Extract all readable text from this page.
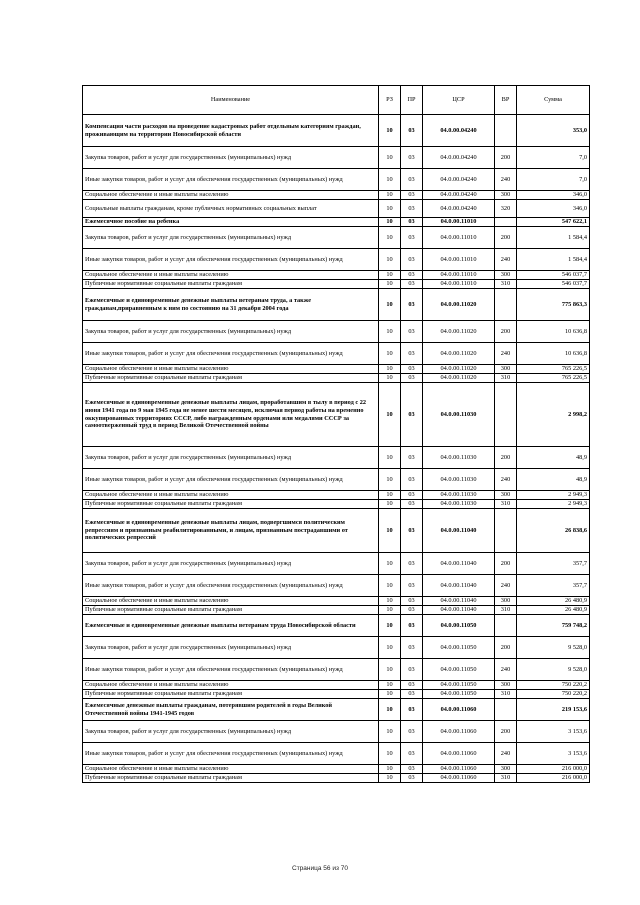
Наименование	РЗ	ПР	ЦСР	ВР	Сумма
Компенсация части расходов на проведение кадастровых работ отдельным категориям граждан, проживающим на территории Новосибирской области	10	03	04.0.00.04240		353,0
Закупка товаров, работ и услуг для государственных (муниципальных) нужд	10	03	04.0.00.04240	200	7,0
Иные закупки товаров, работ и услуг для обеспечения государственных (муниципальных) нужд	10	03	04.0.00.04240	240	7,0
Социальное обеспечение и иные выплаты населению	10	03	04.0.00.04240	300	346,0
Социальные выплаты гражданам, кроме публичных нормативных социальных выплат	10	03	04.0.00.04240	320	346,0
Ежемесячное пособие на ребенка	10	03	04.0.00.11010		547 622,1
Закупка товаров, работ и услуг для государственных (муниципальных) нужд	10	03	04.0.00.11010	200	1 584,4
Иные закупки товаров, работ и услуг для обеспечения государственных (муниципальных) нужд	10	03	04.0.00.11010	240	1 584,4
Социальное обеспечение и иные выплаты населению	10	03	04.0.00.11010	300	546 037,7
Публичные нормативные социальные выплаты гражданам	10	03	04.0.00.11010	310	546 037,7
Ежемесячные и единовременные денежные выплаты ветеранам труда, а также гражданам,приравненным к ним по состоянию на 31 декабря 2004 года	10	03	04.0.00.11020		775 863,3
Закупка товаров, работ и услуг для государственных (муниципальных) нужд	10	03	04.0.00.11020	200	10 636,8
Иные закупки товаров, работ и услуг для обеспечения государственных (муниципальных) нужд	10	03	04.0.00.11020	240	10 636,8
Социальное обеспечение и иные выплаты населению	10	03	04.0.00.11020	300	765 226,5
Публичные нормативные социальные выплаты гражданам	10	03	04.0.00.11020	310	765 226,5
Ежемесячные и единовременные денежные выплаты лицам, проработавшим в тылу в период с 22 июня 1941 года по 9 мая 1945 года не менее шести месяцев, исключая период работы на временно оккупированных территориях СССР, либо награжденным орденами или медалями СССР за самоотверженный труд в период Великой Отечественной войны	10	03	04.0.00.11030		2 998,2
Закупка товаров, работ и услуг для государственных (муниципальных) нужд	10	03	04.0.00.11030	200	48,9
Иные закупки товаров, работ и услуг для обеспечения государственных (муниципальных) нужд	10	03	04.0.00.11030	240	48,9
Социальное обеспечение и иные выплаты населению	10	03	04.0.00.11030	300	2 949,3
Публичные нормативные социальные выплаты гражданам	10	03	04.0.00.11030	310	2 949,3
Ежемесячные и единовременные денежные выплаты лицам, подвергшимся политическим репрессиям и признанным реабилитированными, и лицам, признанным пострадавшими от политических репрессий	10	03	04.0.00.11040		26 838,6
Закупка товаров, работ и услуг для государственных (муниципальных) нужд	10	03	04.0.00.11040	200	357,7
Иные закупки товаров, работ и услуг для обеспечения государственных (муниципальных) нужд	10	03	04.0.00.11040	240	357,7
Социальное обеспечение и иные выплаты населению	10	03	04.0.00.11040	300	26 480,9
Публичные нормативные социальные выплаты гражданам	10	03	04.0.00.11040	310	26 480,9
Ежемесячные и единовременные денежные выплаты ветеранам труда Новосибирской области	10	03	04.0.00.11050		759 748,2
Закупка товаров, работ и услуг для государственных (муниципальных) нужд	10	03	04.0.00.11050	200	9 528,0
Иные закупки товаров, работ и услуг для обеспечения государственных (муниципальных) нужд	10	03	04.0.00.11050	240	9 528,0
Социальное обеспечение и иные выплаты населению	10	03	04.0.00.11050	300	750 220,2
Публичные нормативные социальные выплаты гражданам	10	03	04.0.00.11050	310	750 220,2
Ежемесячные денежные выплаты гражданам, потерявшим родителей в годы Великой Отечественной войны 1941-1945 годов	10	03	04.0.00.11060		219 153,6
Закупка товаров, работ и услуг для государственных (муниципальных) нужд	10	03	04.0.00.11060	200	3 153,6
Иные закупки товаров, работ и услуг для обеспечения государственных (муниципальных) нужд	10	03	04.0.00.11060	240	3 153,6
Социальное обеспечение и иные выплаты населению	10	03	04.0.00.11060	300	216 000,0
Публичные нормативные социальные выплаты гражданам	10	03	04.0.00.11060	310	216 000,0
Страница 56 из 70
